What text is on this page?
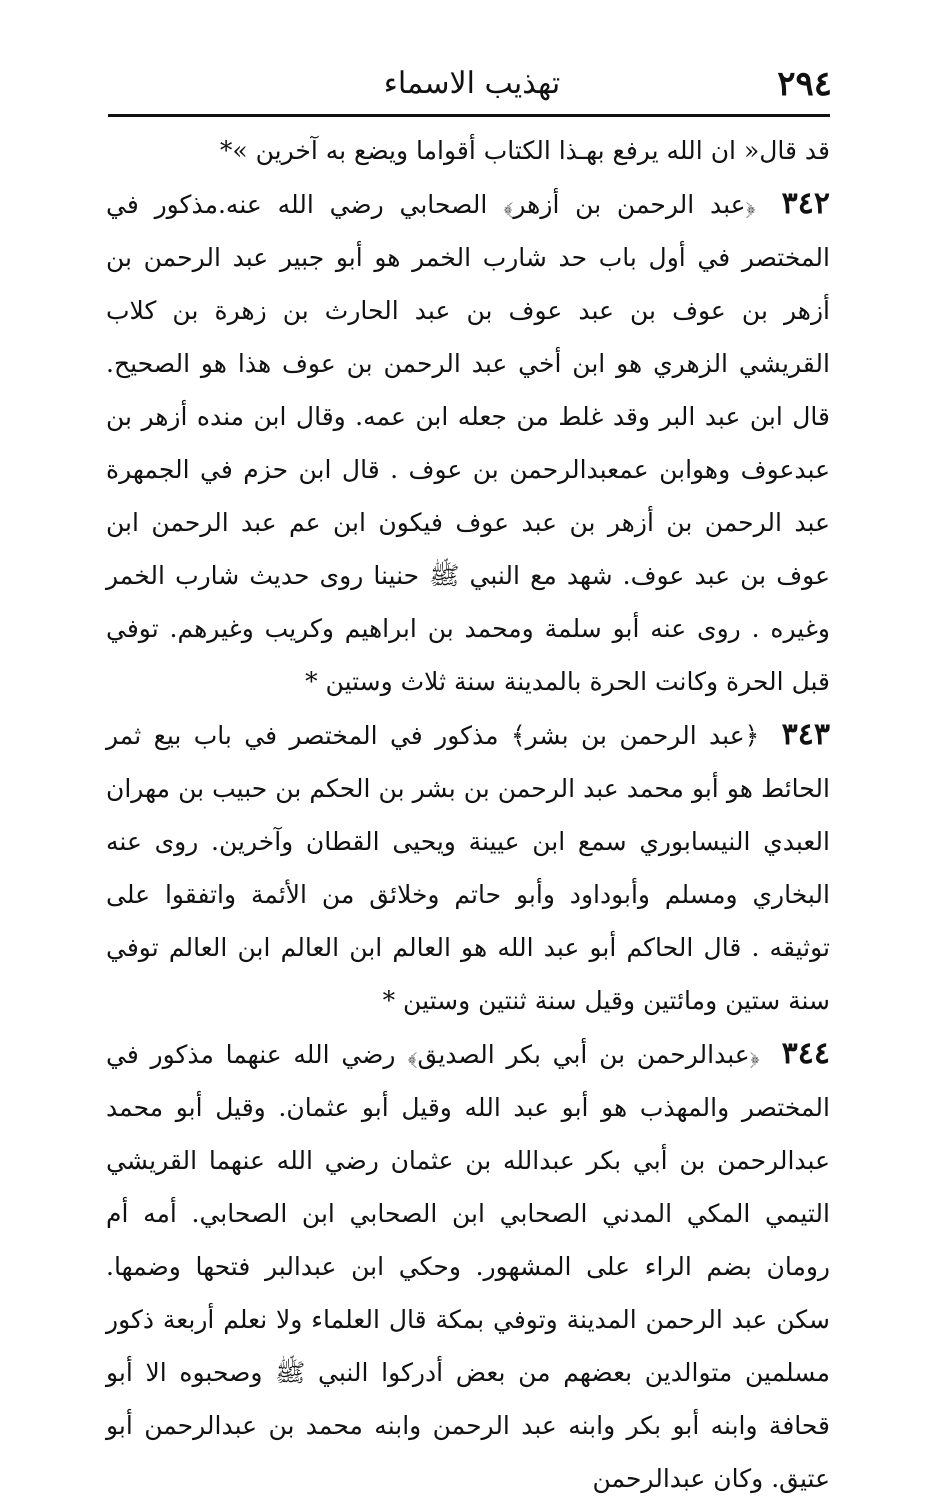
٢٩٤
تهذيب الاسماء

قد قال« ان الله يرفع بهـذا الكتاب أقواما ويضع به آخرين »*

٣٤٢ ﴿عبد الرحمن بن أزهر﴾ الصحابي رضي الله عنه.مذكور في المختصر في أول باب حد شارب الخمر هو أبو جبير عبد الرحمن بن أزهر بن عوف بن عبد عوف بن عبد الحارث بن زهرة بن كلاب القريشي الزهري هو ابن أخي عبد الرحمن بن عوف هذا هو الصحيح. قال ابن عبد البر وقد غلط من جعله ابن عمه. وقال ابن منده أزهر بن عبدعوف وهوابن عمعبدالرحمن بن عوف . قال ابن حزم في الجمهرة عبد الرحمن بن أزهر بن عبد عوف فيكون ابن عم عبد الرحمن ابن عوف بن عبد عوف. شهد مع النبي ﷺ حنينا روى حديث شارب الخمر وغيره . روى عنه أبو سلمة ومحمد بن ابراهيم وكريب وغيرهم. توفي قبل الحرة وكانت الحرة بالمدينة سنة ثلاث وستين *

٣٤٣ ﴿عبد الرحمن بن بشر﴾ مذكور في المختصر في باب بيع ثمر الحائط هو أبو محمد عبد الرحمن بن بشر بن الحكم بن حبيب بن مهران العبدي النيسابوري سمع ابن عيينة ويحيى القطان وآخرين. روى عنه البخاري ومسلم وأبوداود وأبو حاتم وخلائق من الأئمة واتفقوا على توثيقه . قال الحاكم أبو عبد الله هو العالم ابن العالم ابن العالم توفي سنة ستين ومائتين وقيل سنة ثنتين وستين *

٣٤٤ ﴿عبدالرحمن بن أبي بكر الصديق﴾ رضي الله عنهما مذكور في المختصر والمهذب هو أبو عبد الله وقيل أبو عثمان. وقيل أبو محمد عبدالرحمن بن أبي بكر عبدالله بن عثمان رضي الله عنهما القريشي التيمي المكي المدني الصحابي ابن الصحابي ابن الصحابي. أمه أم رومان بضم الراء على المشهور. وحكي ابن عبدالبر فتحها وضمها. سكن عبد الرحمن المدينة وتوفي بمكة قال العلماء ولا نعلم أربعة ذكور مسلمين متوالدين بعضهم من بعض أدركوا النبي ﷺ وصحبوه الا أبو قحافة وابنه أبو بكر وابنه عبد الرحمن وابنه محمد بن عبدالرحمن أبو عتيق. وكان عبدالرحمن
